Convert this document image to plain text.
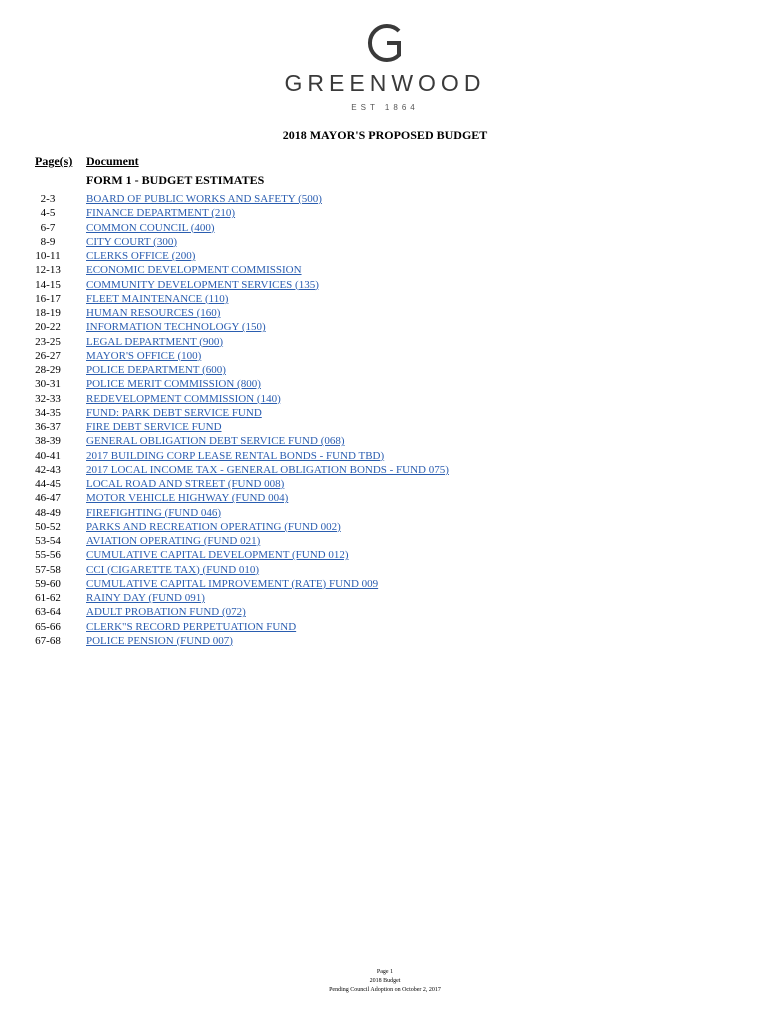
GREENWOOD
EST 1864
2018 MAYOR'S PROPOSED BUDGET
Page(s) Document
FORM 1 - BUDGET ESTIMATES
2-3	BOARD OF PUBLIC WORKS AND SAFETY (500)
4-5	FINANCE DEPARTMENT (210)
6-7	COMMON COUNCIL (400)
8-9	CITY COURT (300)
10-11	CLERKS OFFICE (200)
12-13 ECONOMIC DEVELOPMENT COMMISSION
14-15 COMMUNITY DEVELOPMENT SERVICES (135)
16-17 FLEET MAINTENANCE (110)
18-19 HUMAN RESOURCES (160)
20-22 INFORMATION TECHNOLOGY (150)
23-25 LEGAL DEPARTMENT (900)
26-27 MAYOR'S OFFICE (100)
28-29 POLICE DEPARTMENT (600)
30-31 POLICE MERIT COMMISSION (800)
32-33 REDEVELOPMENT COMMISSION (140)
34-35 FUND: PARK DEBT SERVICE FUND
36-37 FIRE DEBT SERVICE FUND
38-39 GENERAL OBLIGATION DEBT SERVICE FUND (068)
40-41 2017 BUILDING CORP LEASE RENTAL BONDS - FUND TBD)
42-43 2017 LOCAL INCOME TAX - GENERAL OBLIGATION BONDS - FUND 075)
44-45 LOCAL ROAD AND STREET (FUND 008)
46-47 MOTOR VEHICLE HIGHWAY (FUND 004)
48-49 FIREFIGHTING (FUND 046)
50-52 PARKS AND RECREATION OPERATING (FUND 002)
53-54 AVIATION OPERATING (FUND 021)
55-56 CUMULATIVE CAPITAL DEVELOPMENT (FUND 012)
57-58 CCI (CIGARETTE TAX) (FUND 010)
59-60 CUMULATIVE CAPITAL IMPROVEMENT (RATE) FUND 009
61-62 RAINY DAY (FUND 091)
63-64 ADULT PROBATION FUND (072)
65-66 CLERK"S RECORD PERPETUATION FUND
67-68 POLICE PENSION (FUND 007)
Page 1
2018 Budget
Pending Council Adoption on October 2, 2017
